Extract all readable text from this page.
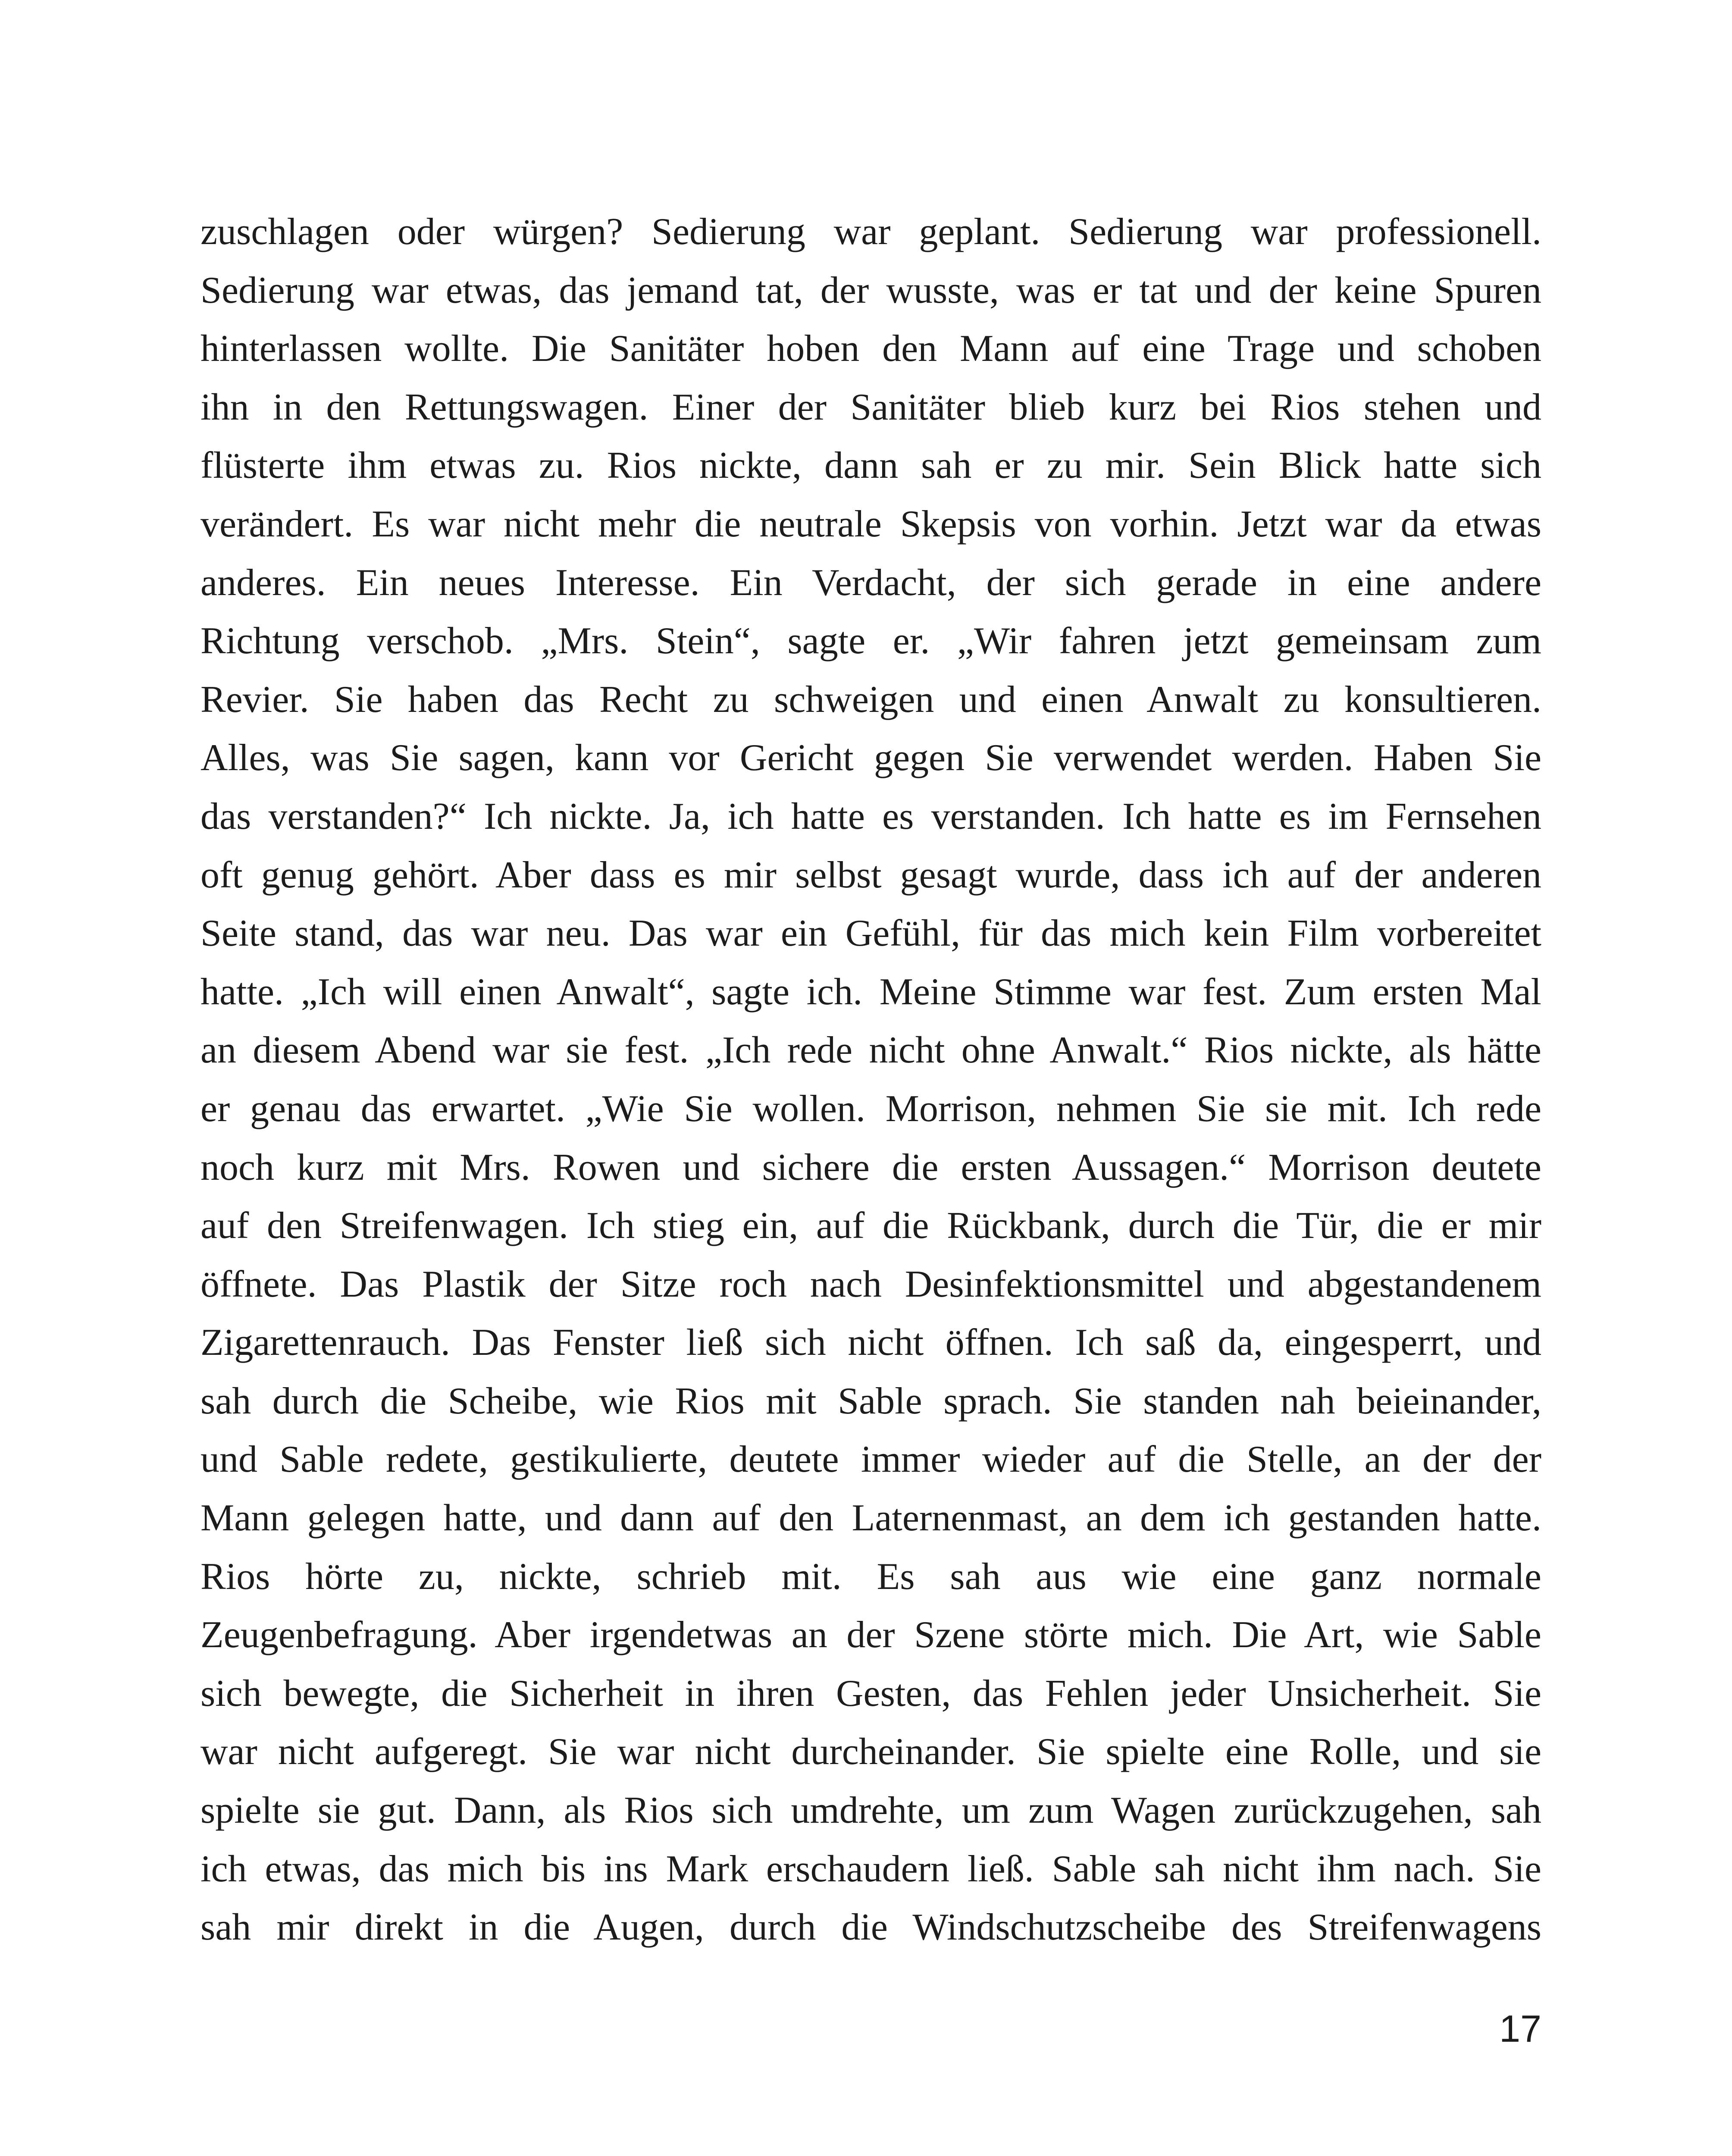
zuschlagen oder würgen? Sedierung war geplant. Sedierung war professionell.
Sedierung war etwas, das jemand tat, der wusste, was er tat und der keine Spuren
hinterlassen wollte. Die Sanitäter hoben den Mann auf eine Trage und schoben
ihn in den Rettungswagen. Einer der Sanitäter blieb kurz bei Rios stehen und
flüsterte ihm etwas zu. Rios nickte, dann sah er zu mir. Sein Blick hatte sich
verändert. Es war nicht mehr die neutrale Skepsis von vorhin. Jetzt war da etwas
anderes. Ein neues Interesse. Ein Verdacht, der sich gerade in eine andere
Richtung verschob. „Mrs. Stein“, sagte er. „Wir fahren jetzt gemeinsam zum
Revier. Sie haben das Recht zu schweigen und einen Anwalt zu konsultieren.
Alles, was Sie sagen, kann vor Gericht gegen Sie verwendet werden. Haben Sie
das verstanden?“ Ich nickte. Ja, ich hatte es verstanden. Ich hatte es im Fernsehen
oft genug gehört. Aber dass es mir selbst gesagt wurde, dass ich auf der anderen
Seite stand, das war neu. Das war ein Gefühl, für das mich kein Film vorbereitet
hatte. „Ich will einen Anwalt“, sagte ich. Meine Stimme war fest. Zum ersten Mal
an diesem Abend war sie fest. „Ich rede nicht ohne Anwalt.“ Rios nickte, als hätte
er genau das erwartet. „Wie Sie wollen. Morrison, nehmen Sie sie mit. Ich rede
noch kurz mit Mrs. Rowen und sichere die ersten Aussagen.“ Morrison deutete
auf den Streifenwagen. Ich stieg ein, auf die Rückbank, durch die Tür, die er mir
öffnete. Das Plastik der Sitze roch nach Desinfektionsmittel und abgestandenem
Zigarettenrauch. Das Fenster ließ sich nicht öffnen. Ich saß da, eingesperrt, und
sah durch die Scheibe, wie Rios mit Sable sprach. Sie standen nah beieinander,
und Sable redete, gestikulierte, deutete immer wieder auf die Stelle, an der der
Mann gelegen hatte, und dann auf den Laternenmast, an dem ich gestanden hatte.
Rios hörte zu, nickte, schrieb mit. Es sah aus wie eine ganz normale
Zeugenbefragung. Aber irgendetwas an der Szene störte mich. Die Art, wie Sable
sich bewegte, die Sicherheit in ihren Gesten, das Fehlen jeder Unsicherheit. Sie
war nicht aufgeregt. Sie war nicht durcheinander. Sie spielte eine Rolle, und sie
spielte sie gut. Dann, als Rios sich umdrehte, um zum Wagen zurückzugehen, sah
ich etwas, das mich bis ins Mark erschaudern ließ. Sable sah nicht ihm nach. Sie
sah mir direkt in die Augen, durch die Windschutzscheibe des Streifenwagens

17
